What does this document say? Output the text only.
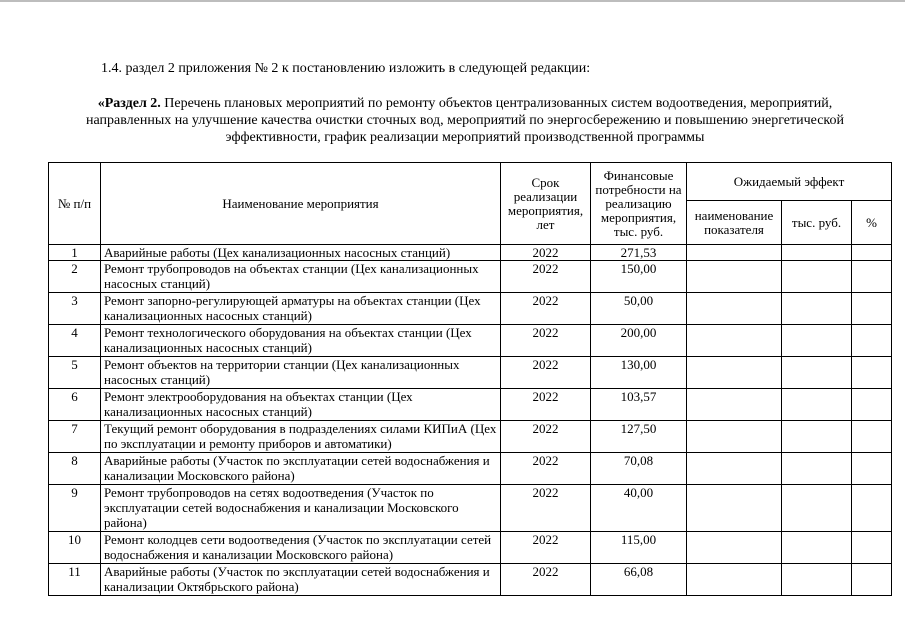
1.4. раздел 2 приложения № 2 к постановлению изложить в следующей редакции:
«Раздел 2. Перечень плановых мероприятий по ремонту объектов централизованных систем водоотведения, мероприятий, направленных на улучшение качества очистки сточных вод, мероприятий по энергосбережению и повышению энергетической эффективности, график реализации мероприятий производственной программы
№ п/п	Наименование мероприятия	Срок реализации мероприятия, лет	Финансовые потребности на реализацию мероприятия, тыс. руб.	Ожидаемый эффект		
				наименование показателя	тыс. руб.	%
1	Аварийные работы (Цех канализационных насосных станций)	2022	271,53			
2	Ремонт трубопроводов на объектах станции (Цех канализационных насосных станций)	2022	150,00			
3	Ремонт запорно-регулирующей арматуры на объектах станции (Цех канализационных насосных станций)	2022	50,00			
4	Ремонт технологического оборудования на объектах станции (Цех канализационных насосных станций)	2022	200,00			
5	Ремонт объектов на территории станции (Цех канализационных насосных станций)	2022	130,00			
6	Ремонт электрооборудования на объектах станции (Цех канализационных насосных станций)	2022	103,57			
7	Текущий ремонт оборудования в подразделениях силами КИПиА (Цех по эксплуатации и ремонту приборов и автоматики)	2022	127,50			
8	Аварийные работы (Участок по эксплуатации сетей водоснабжения и канализации Московского района)	2022	70,08			
9	Ремонт трубопроводов на сетях водоотведения (Участок по эксплуатации сетей водоснабжения и канализации Московского района)	2022	40,00			
10	Ремонт колодцев сети водоотведения (Участок по эксплуатации сетей водоснабжения и канализации Московского района)	2022	115,00			
11	Аварийные работы (Участок по эксплуатации сетей водоснабжения и канализации Октябрьского района)	2022	66,08			
